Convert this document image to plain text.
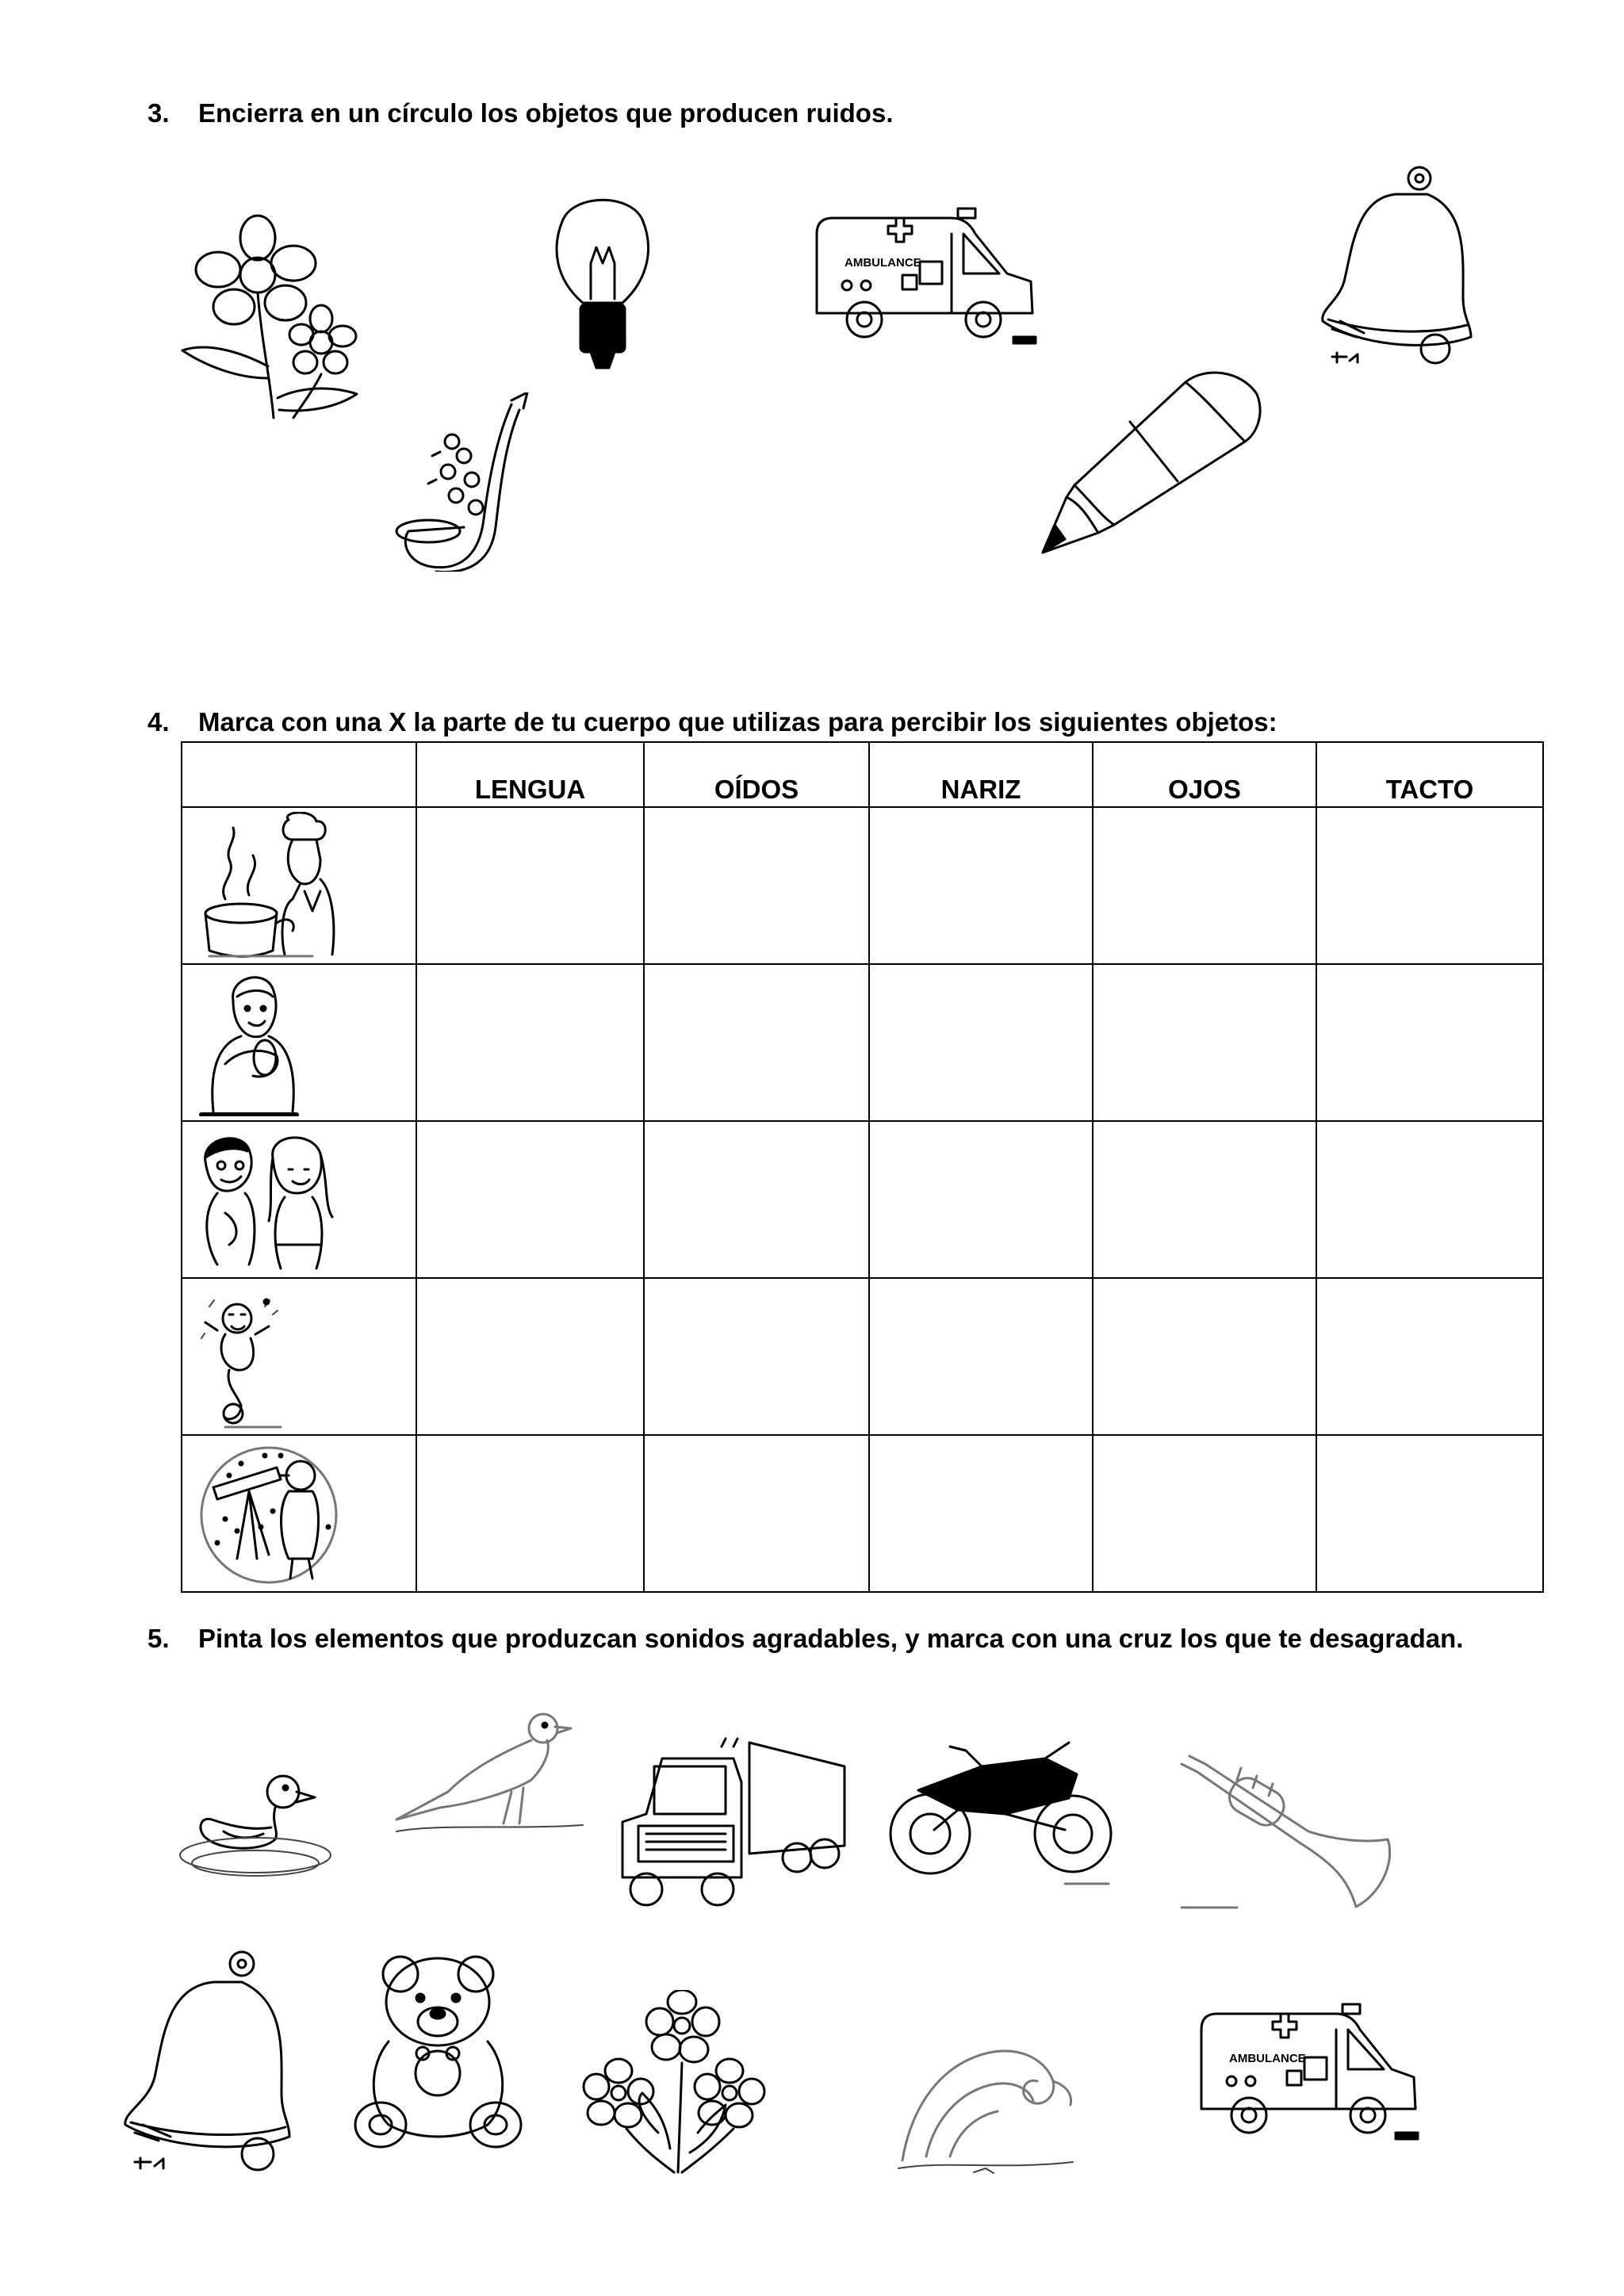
3. Encierra en un círculo los objetos que producen ruidos.
AMBULANCE
4. Marca con una X la parte de tu cuerpo que utilizas para percibir los siguientes objetos:
	LENGUA	OÍDOS	NARIZ	OJOS	TACTO

5. Pinta los elementos que produzcan sonidos agradables, y marca con una cruz los que te desagradan.
AMBULANCE
